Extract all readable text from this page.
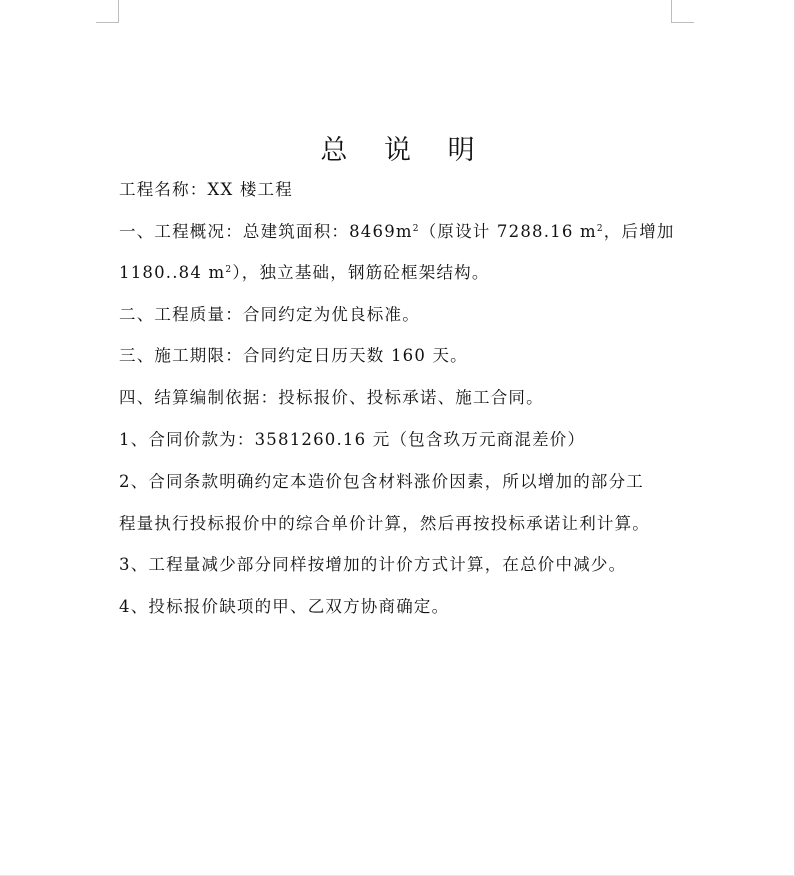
总 说 明
工程名称：XX 楼工程
一、工程概况：总建筑面积：$8469m^2$（原设计 7288.16 $m^2$，后增加
1180..84 $m^2$），独立基础，钢筋砼框架结构。
二、工程质量：合同约定为优良标准。
三、施工期限：合同约定日历天数 160 天。
四、结算编制依据：投标报价、投标承诺、施工合同。
1、合同价款为：3581260.16 元（包含玖万元商混差价）
2、合同条款明确约定本造价包含材料涨价因素，所以增加的部分工
程量执行投标报价中的综合单价计算，然后再按投标承诺让利计算。
3、工程量减少部分同样按增加的计价方式计算，在总价中减少。
4、投标报价缺项的甲、乙双方协商确定。
